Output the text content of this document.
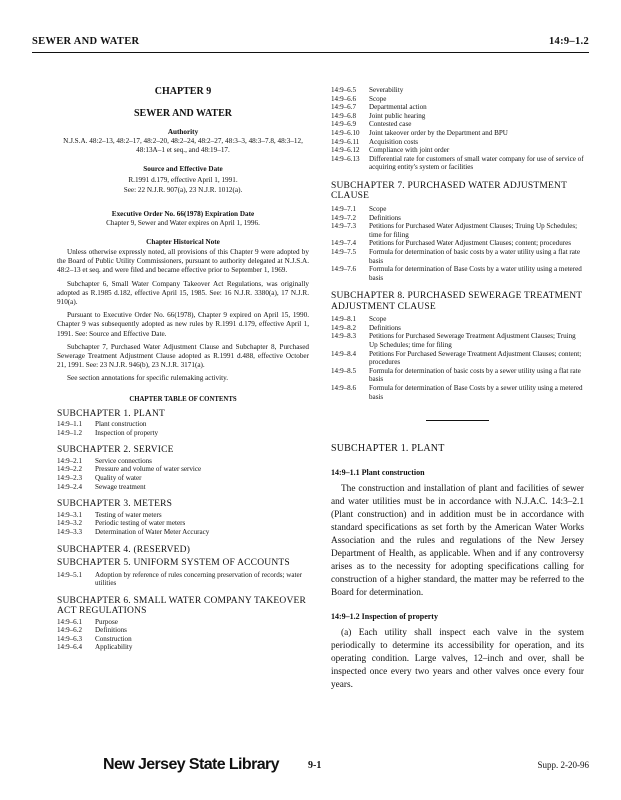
SEWER AND WATER	14:9–1.2
CHAPTER 9
SEWER AND WATER
Authority
N.J.S.A. 48:2–13, 48:2–17, 48:2–20, 48:2–24, 48:2–27, 48:3–3, 48:3–7.8, 48:3–12, 48:13A–1 et seq., and 48:19–17.
Source and Effective Date
R.1991 d.179, effective April 1, 1991.
See: 22 N.J.R. 907(a), 23 N.J.R. 1012(a).
Executive Order No. 66(1978) Expiration Date
Chapter 9, Sewer and Water expires on April 1, 1996.
Chapter Historical Note
Unless otherwise expressly noted, all provisions of this Chapter 9 were adopted by the Board of Public Utility Commissioners, pursuant to authority delegated at N.J.S.A. 48:2–13 et seq. and were filed and became effective prior to September 1, 1969.
Subchapter 6, Small Water Company Takeover Act Regulations, was originally adopted as R.1985 d.182, effective April 15, 1985. See: 16 N.J.R. 3380(a), 17 N.J.R. 910(a).
Pursuant to Executive Order No. 66(1978), Chapter 9 expired on April 15, 1990. Chapter 9 was subsequently adopted as new rules by R.1991 d.179, effective April 1, 1991. See: Source and Effective Date.
Subchapter 7, Purchased Water Adjustment Clause and Subchapter 8, Purchased Sewerage Treatment Adjustment Clause adopted as R.1991 d.488, effective October 21, 1991. See: 23 N.J.R. 946(b), 23 N.J.R. 3171(a).
See section annotations for specific rulemaking activity.
CHAPTER TABLE OF CONTENTS
SUBCHAPTER 1. PLANT
14:9–1.1	Plant construction
14:9–1.2	Inspection of property
SUBCHAPTER 2. SERVICE
14:9–2.1	Service connections
14:9–2.2	Pressure and volume of water service
14:9–2.3	Quality of water
14:9–2.4	Sewage treatment
SUBCHAPTER 3. METERS
14:9–3.1	Testing of water meters
14:9–3.2	Periodic testing of water meters
14:9–3.3	Determination of Water Meter Accuracy
SUBCHAPTER 4. (RESERVED)
SUBCHAPTER 5. UNIFORM SYSTEM OF ACCOUNTS
14:9–5.1	Adoption by reference of rules concerning preservation of records; water utilities
SUBCHAPTER 6. SMALL WATER COMPANY TAKEOVER ACT REGULATIONS
14:9–6.1	Purpose
14:9–6.2	Definitions
14:9–6.3	Construction
14:9–6.4	Applicability
14:9–6.5	Severability
14:9–6.6	Scope
14:9–6.7	Departmental action
14:9–6.8	Joint public hearing
14:9–6.9	Contested case
14:9–6.10	Joint takeover order by the Department and BPU
14:9–6.11	Acquisition costs
14:9–6.12	Compliance with joint order
14:9–6.13	Differential rate for customers of small water company for use of service of acquiring entity's system or facilities
SUBCHAPTER 7. PURCHASED WATER ADJUSTMENT CLAUSE
14:9–7.1	Scope
14:9–7.2	Definitions
14:9–7.3	Petitions for Purchased Water Adjustment Clauses; Truing Up Schedules; time for filing
14:9–7.4	Petitions for Purchased Water Adjustment Clauses; content; procedures
14:9–7.5	Formula for determination of basic costs by a water utility using a flat rate basis
14:9–7.6	Formula for determination of Base Costs by a water utility using a metered basis
SUBCHAPTER 8. PURCHASED SEWERAGE TREATMENT ADJUSTMENT CLAUSE
14:9–8.1	Scope
14:9–8.2	Definitions
14:9–8.3	Petitions for Purchased Sewerage Treatment Adjustment Clauses; Truing Up Schedules; time for filing
14:9–8.4	Petitions For Purchased Sewerage Treatment Adjustment Clauses; content; procedures
14:9–8.5	Formula for determination of basic costs by a sewer utility using a flat rate basis
14:9–8.6	Formula for determination of Base Costs by a sewer utility using a metered basis
SUBCHAPTER 1. PLANT
14:9–1.1 Plant construction
The construction and installation of plant and facilities of sewer and water utilities must be in accordance with N.J.A.C. 14:3–2.1 (Plant construction) and in addition must be in accordance with standard specifications as set forth by the American Water Works Association and the rules and regulations of the New Jersey Department of Health, as applicable. When and if any controversy arises as to the necessity for adopting specifications calling for construction of a higher standard, the matter may be referred to the Board for determination.
14:9–1.2 Inspection of property
(a) Each utility shall inspect each valve in the system periodically to determine its accessibility for operation, and its operating condition. Large valves, 12–inch and over, shall be inspected once every two years and other valves once every four years.
New Jersey State Library	9-1	Supp. 2-20-96
